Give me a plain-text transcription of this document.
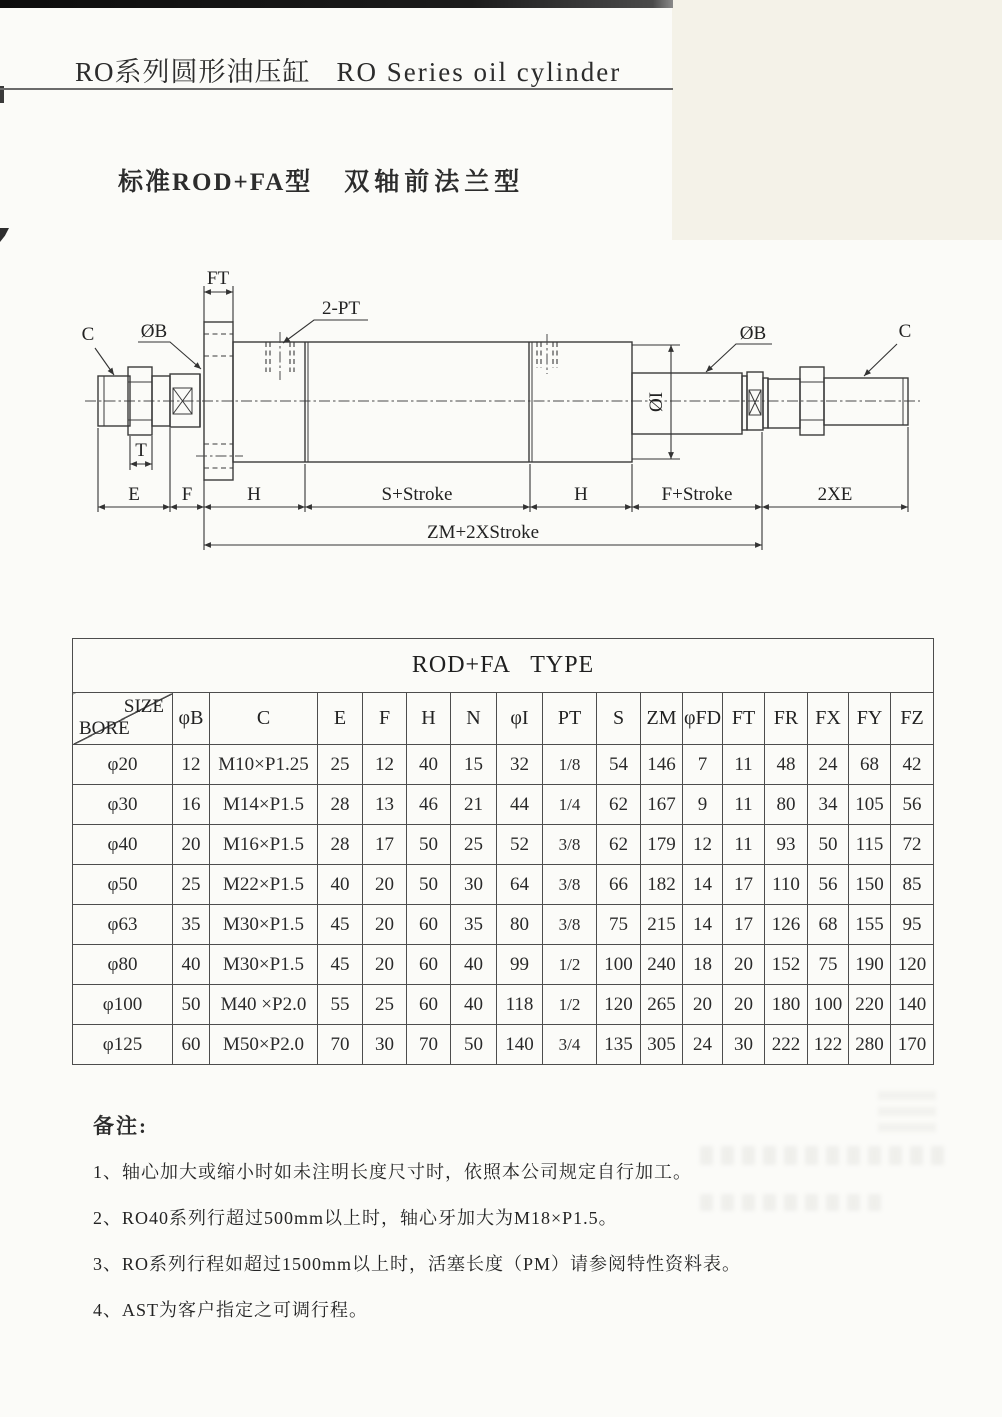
RO系列圆形油压缸 RO Series oil cylinder
标准ROD+FA型 双轴前法兰型
FT
T
ØI
C ØB
2-PT
ØB	C
E F	H	S+Stroke	H	F+Stroke	2XE
ZM+2XStroke
ROD+FA TYPE																

SIZE
BORE	φB	C	E	F	H	N	φI	PT	S	ZM	φFD	FT	FR	FX	FY	FZ
φ20	12	M10×P1.25	25	12	40	15	32	1/8	54	146	7	11	48	24	68	42
φ30	16	M14×P1.5	28	13	46	21	44	1/4	62	167	9	11	80	34	105	56
φ40	20	M16×P1.5	28	17	50	25	52	3/8	62	179	12	11	93	50	115	72
φ50	25	M22×P1.5	40	20	50	30	64	3/8	66	182	14	17	110	56	150	85
φ63	35	M30×P1.5	45	20	60	35	80	3/8	75	215	14	17	126	68	155	95
φ80	40	M30×P1.5	45	20	60	40	99	1/2	100	240	18	20	152	75	190	120
φ100	50	M40 ×P2.0	55	25	60	40	118	1/2	120	265	20	20	180	100	220	140
φ125	60	M50×P2.0	70	30	70	50	140	3/4	135	305	24	30	222	122	280	170
备注:
1、轴心加大或缩小时如未注明长度尺寸时，依照本公司规定自行加工。
2、RO40系列行超过500mm以上时，轴心牙加大为M18×P1.5。
3、RO系列行程如超过1500mm以上时，活塞长度（PM）请参阅特性资料表。
4、AST为客户指定之可调行程。
